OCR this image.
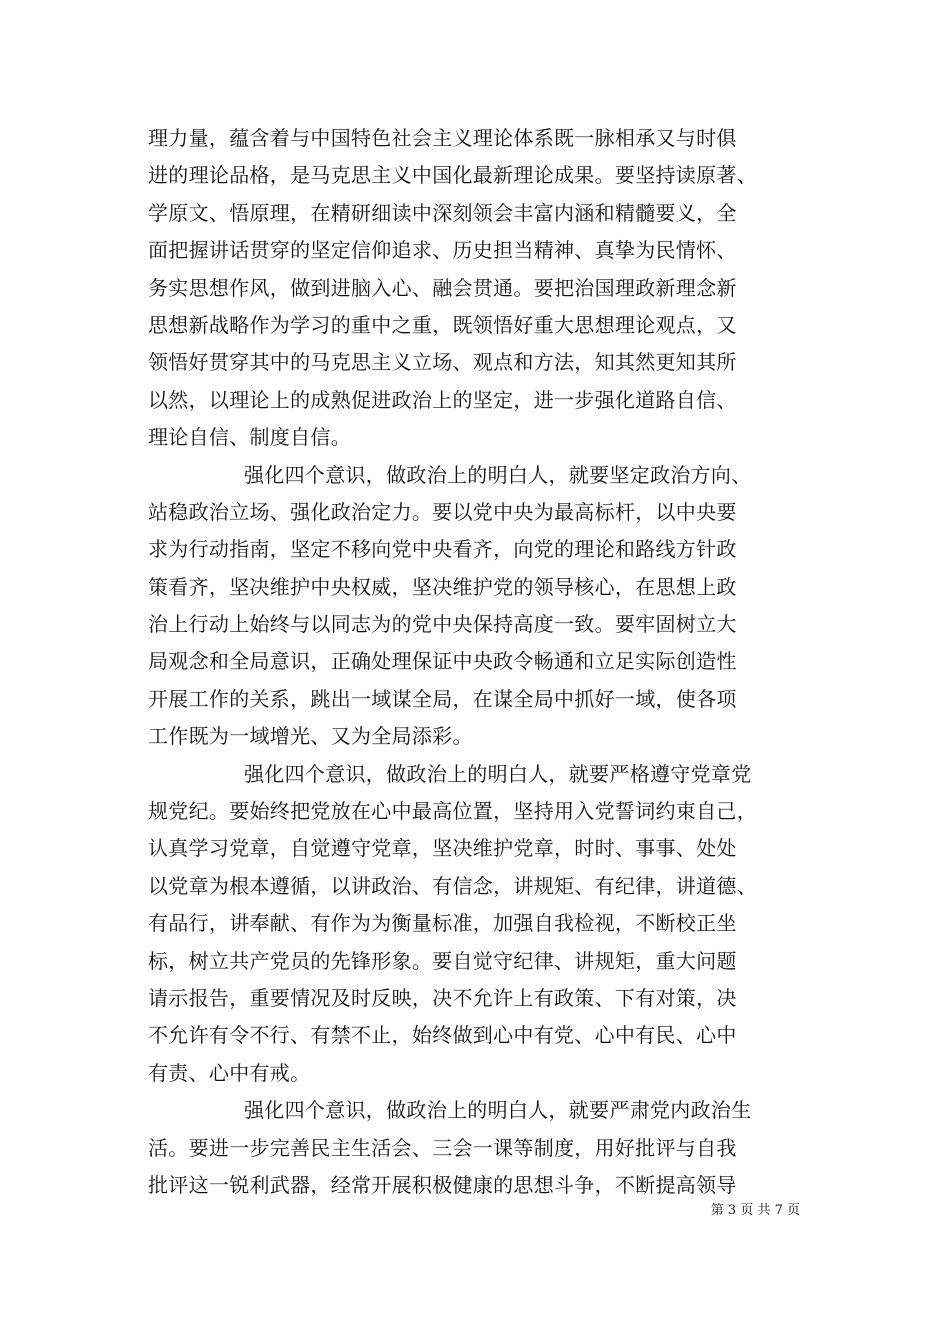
理力量，蕴含着与中国特色社会主义理论体系既一脉相承又与时俱
进的理论品格，是马克思主义中国化最新理论成果。要坚持读原著、
学原文、悟原理，在精研细读中深刻领会丰富内涵和精髓要义，全
面把握讲话贯穿的坚定信仰追求、历史担当精神、真挚为民情怀、
务实思想作风，做到进脑入心、融会贯通。要把治国理政新理念新
思想新战略作为学习的重中之重，既领悟好重大思想理论观点，又
领悟好贯穿其中的马克思主义立场、观点和方法，知其然更知其所
以然，以理论上的成熟促进政治上的坚定，进一步强化道路自信、
理论自信、制度自信。
强化四个意识，做政治上的明白人，就要坚定政治方向、
站稳政治立场、强化政治定力。要以党中央为最高标杆，以中央要
求为行动指南，坚定不移向党中央看齐，向党的理论和路线方针政
策看齐，坚决维护中央权威，坚决维护党的领导核心，在思想上政
治上行动上始终与以同志为的党中央保持高度一致。要牢固树立大
局观念和全局意识，正确处理保证中央政令畅通和立足实际创造性
开展工作的关系，跳出一域谋全局，在谋全局中抓好一域，使各项
工作既为一域增光、又为全局添彩。
强化四个意识，做政治上的明白人，就要严格遵守党章党
规党纪。要始终把党放在心中最高位置，坚持用入党誓词约束自己，
认真学习党章，自觉遵守党章，坚决维护党章，时时、事事、处处
以党章为根本遵循，以讲政治、有信念，讲规矩、有纪律，讲道德、
有品行，讲奉献、有作为为衡量标准，加强自我检视，不断校正坐
标，树立共产党员的先锋形象。要自觉守纪律、讲规矩，重大问题
请示报告，重要情况及时反映，决不允许上有政策、下有对策，决
不允许有令不行、有禁不止，始终做到心中有党、心中有民、心中
有责、心中有戒。
强化四个意识，做政治上的明白人，就要严肃党内政治生
活。要进一步完善民主生活会、三会一课等制度，用好批评与自我
批评这一锐利武器，经常开展积极健康的思想斗争，不断提高领导
第 3 页 共 7 页
